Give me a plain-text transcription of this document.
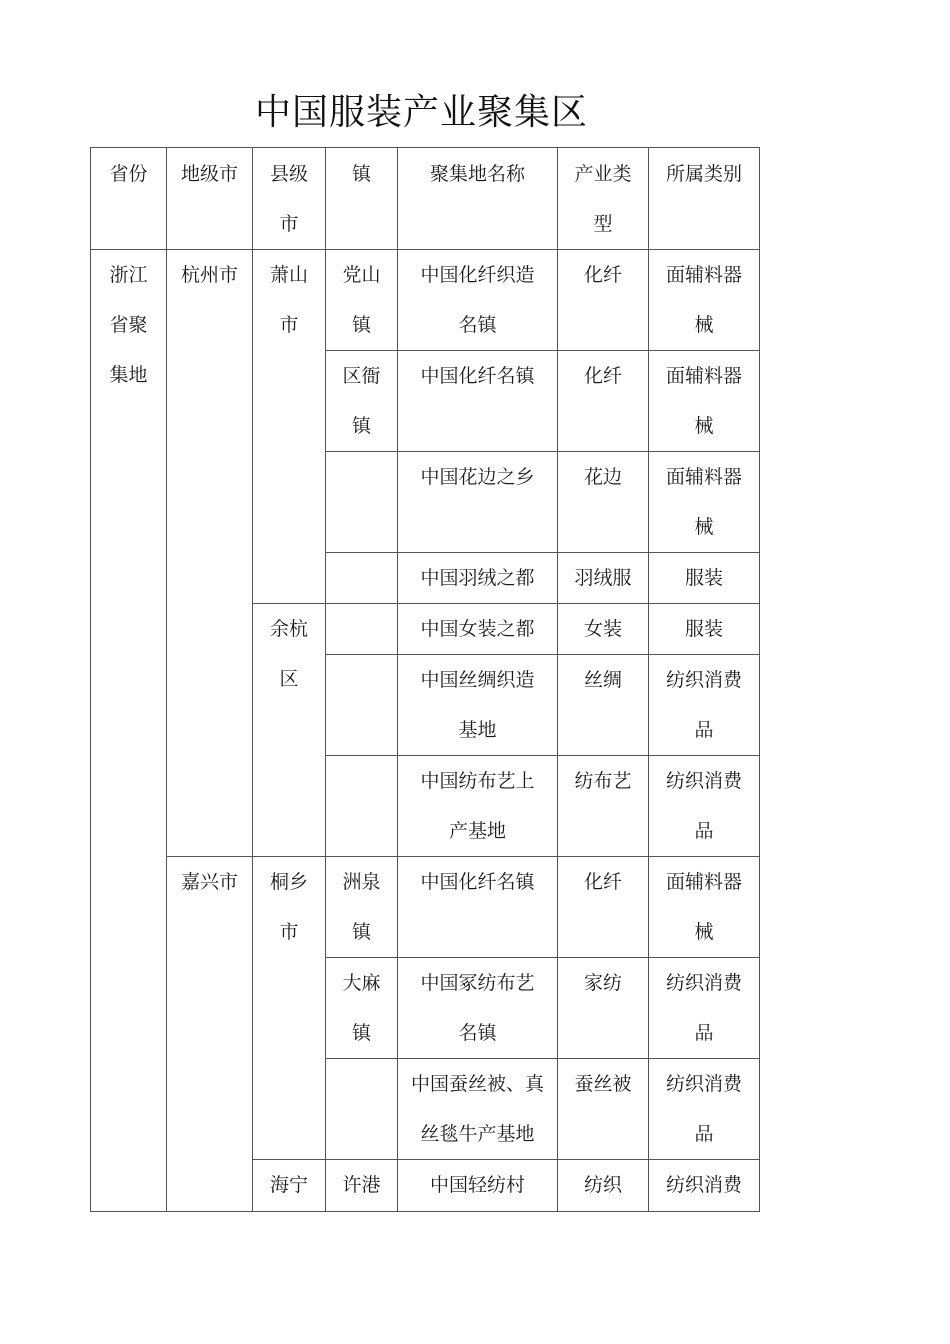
中国服装产业聚集区
省份	地级市	县级市	镇	聚集地名称	产业类型	所属类别

浙江省聚集地	杭州市	萧山市	党山镇	中国化纤织造名镇	化纤	面辅料器械

			区衙镇	中国化纤名镇	化纤	面辅料器械

				中国花边之乡	花边	面辅料器械

				中国羽绒之都	羽绒服	服装

		余杭区		中国女装之都	女装	服装

				中国丝绸织造基地	丝绸	纺织消费品

				中国纺布艺上产基地	纺布艺	纺织消费品

	嘉兴市	桐乡市	洲泉镇	中国化纤名镇	化纤	面辅料器械

			大麻镇	中国冢纺布艺名镇	家纺	纺织消费品

				中国蚕丝被、真丝毯牛产基地	蚕丝被	纺织消费品

		海宁	许港	中国轻纺村	纺织	纺织消费
